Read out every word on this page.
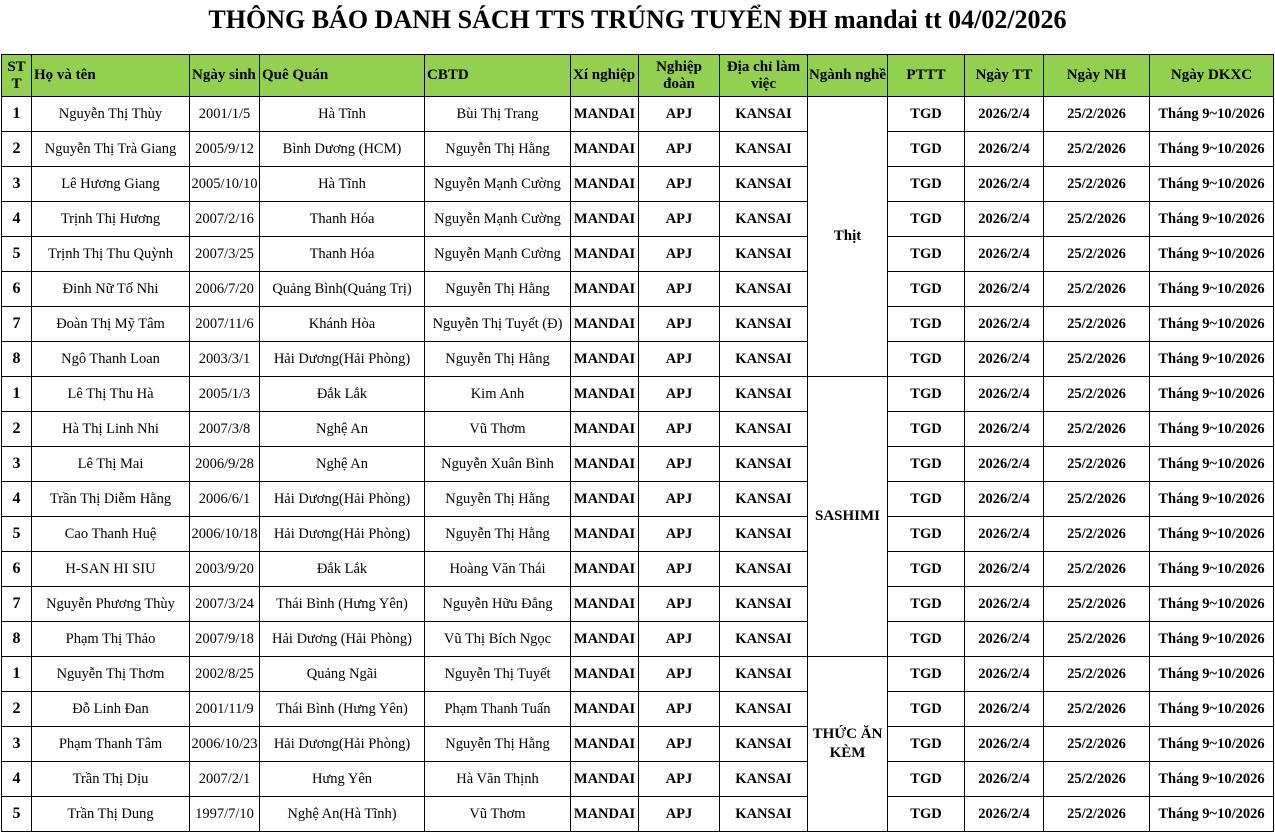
THÔNG BÁO DANH SÁCH TTS TRÚNG TUYỂN ĐH mandai tt 04/02/2026
ST T	Họ và tên	Ngày sinh	Quê Quán	CBTD	Xí nghiệp	Nghiệp đoàn	Địa chỉ làm việc	Ngành nghề	PTTT	Ngày TT	Ngày NH	Ngày DKXC
1	Nguyễn Thị Thùy	2001/1/5	Hà Tĩnh	Bùi Thị Trang	MANDAI	APJ	KANSAI	Thịt	TGD	2026/2/4	25/2/2026	Tháng 9~10/2026
2	Nguyễn Thị Trà Giang	2005/9/12	Bình Dương (HCM)	Nguyễn Thị Hằng	MANDAI	APJ	KANSAI		TGD	2026/2/4	25/2/2026	Tháng 9~10/2026
3	Lê Hương Giang	2005/10/10	Hà Tĩnh	Nguyễn Mạnh Cường	MANDAI	APJ	KANSAI		TGD	2026/2/4	25/2/2026	Tháng 9~10/2026
4	Trịnh Thị Hương	2007/2/16	Thanh Hóa	Nguyễn Mạnh Cường	MANDAI	APJ	KANSAI		TGD	2026/2/4	25/2/2026	Tháng 9~10/2026
5	Trịnh Thị Thu Quỳnh	2007/3/25	Thanh Hóa	Nguyễn Mạnh Cường	MANDAI	APJ	KANSAI		TGD	2026/2/4	25/2/2026	Tháng 9~10/2026
6	Đinh Nữ Tố Nhi	2006/7/20	Quảng Bình(Quảng Trị)	Nguyễn Thị Hằng	MANDAI	APJ	KANSAI		TGD	2026/2/4	25/2/2026	Tháng 9~10/2026
7	Đoàn Thị Mỹ Tâm	2007/11/6	Khánh Hòa	Nguyễn Thị Tuyết (Đ)	MANDAI	APJ	KANSAI		TGD	2026/2/4	25/2/2026	Tháng 9~10/2026
8	Ngô Thanh Loan	2003/3/1	Hải Dương(Hải Phòng)	Nguyễn Thị Hằng	MANDAI	APJ	KANSAI		TGD	2026/2/4	25/2/2026	Tháng 9~10/2026
1	Lê Thị Thu Hà	2005/1/3	Đắk Lắk	Kim Anh	MANDAI	APJ	KANSAI	SASHIMI	TGD	2026/2/4	25/2/2026	Tháng 9~10/2026
2	Hà Thị Linh Nhi	2007/3/8	Nghệ An	Vũ Thơm	MANDAI	APJ	KANSAI		TGD	2026/2/4	25/2/2026	Tháng 9~10/2026
3	Lê Thị Mai	2006/9/28	Nghệ An	Nguyễn Xuân Bình	MANDAI	APJ	KANSAI		TGD	2026/2/4	25/2/2026	Tháng 9~10/2026
4	Trần Thị Diễm Hằng	2006/6/1	Hải Dương(Hải Phòng)	Nguyễn Thị Hằng	MANDAI	APJ	KANSAI		TGD	2026/2/4	25/2/2026	Tháng 9~10/2026
5	Cao Thanh Huệ	2006/10/18	Hải Dương(Hải Phòng)	Nguyễn Thị Hằng	MANDAI	APJ	KANSAI		TGD	2026/2/4	25/2/2026	Tháng 9~10/2026
6	H-SAN HI SIU	2003/9/20	Đắk Lắk	Hoàng Văn Thái	MANDAI	APJ	KANSAI		TGD	2026/2/4	25/2/2026	Tháng 9~10/2026
7	Nguyễn Phương Thùy	2007/3/24	Thái Bình (Hưng Yên)	Nguyễn Hữu Đẳng	MANDAI	APJ	KANSAI		TGD	2026/2/4	25/2/2026	Tháng 9~10/2026
8	Phạm Thị Thảo	2007/9/18	Hải Dương (Hải Phòng)	Vũ Thị Bích Ngọc	MANDAI	APJ	KANSAI		TGD	2026/2/4	25/2/2026	Tháng 9~10/2026
1	Nguyễn Thị Thơm	2002/8/25	Quảng Ngãi	Nguyễn Thị Tuyết	MANDAI	APJ	KANSAI	THỨC ĂN KÈM	TGD	2026/2/4	25/2/2026	Tháng 9~10/2026
2	Đỗ Linh Đan	2001/11/9	Thái Bình (Hưng Yên)	Phạm Thanh Tuấn	MANDAI	APJ	KANSAI		TGD	2026/2/4	25/2/2026	Tháng 9~10/2026
3	Phạm Thanh Tâm	2006/10/23	Hải Dương(Hải Phòng)	Nguyễn Thị Hằng	MANDAI	APJ	KANSAI		TGD	2026/2/4	25/2/2026	Tháng 9~10/2026
4	Trần Thị Dịu	2007/2/1	Hưng Yên	Hà Văn Thịnh	MANDAI	APJ	KANSAI		TGD	2026/2/4	25/2/2026	Tháng 9~10/2026
5	Trần Thị Dung	1997/7/10	Nghệ An(Hà Tĩnh)	Vũ Thơm	MANDAI	APJ	KANSAI		TGD	2026/2/4	25/2/2026	Tháng 9~10/2026
